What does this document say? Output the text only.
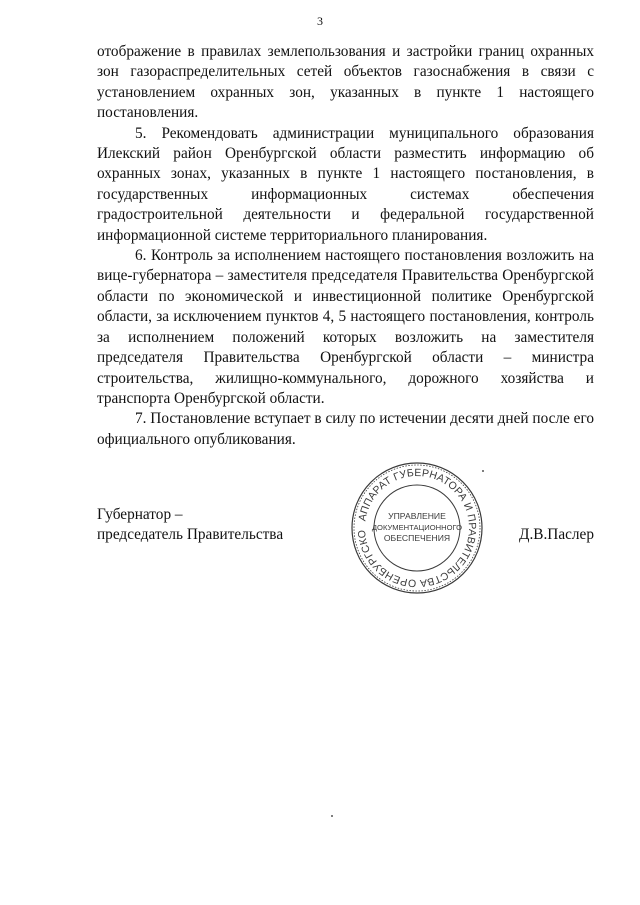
3

отображение в правилах землепользования и застройки границ охранных зон газораспределительных сетей объектов газоснабжения в связи с установлением охранных зон, указанных в пункте 1 настоящего постановления.

5. Рекомендовать администрации муниципального образования Илекский район Оренбургской области разместить информацию об охранных зонах, указанных в пункте 1 настоящего постановления, в государственных информационных системах обеспечения градостроительной деятельности и федеральной государственной информационной системе территориального планирования.

6. Контроль за исполнением настоящего постановления возложить на вице-губернатора – заместителя председателя Правительства Оренбургской области по экономической и инвестиционной политике Оренбургской области, за исключением пунктов 4, 5 настоящего постановления, контроль за исполнением положений которых возложить на заместителя председателя Правительства Оренбургской области – министра строительства, жилищно-коммунального, дорожного хозяйства и транспорта Оренбургской области.

7. Постановление вступает в силу по истечении десяти дней после его официального опубликования.

Губернатор –
председатель Правительства	Д.В.Паслер
АППАРАТ ГУБЕРНАТОРА И ПРАВИТЕЛЬСТВА ОРЕНБУРГСКО
УПРАВЛЕНИЕ
ДОКУМЕНТАЦИОННОГО
ОБЕСПЕЧЕНИЯ
